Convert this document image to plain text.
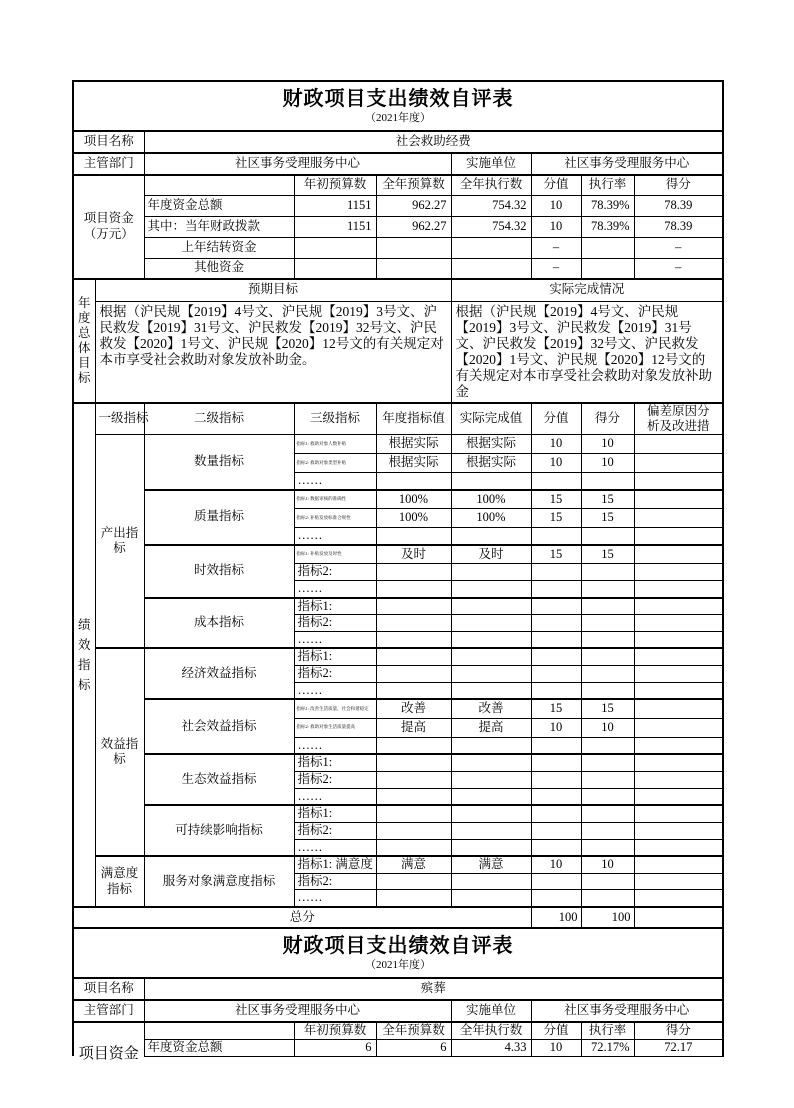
财政项目支出绩效自评表
（2021年度）								

项目名称		社会救助经费						
主管部门		社区事务受理服务中心			实施单位	社区事务受理服务中心		
项目资金（万元）			年初预算数	全年预算数	全年执行数	分值	执行率	得分
		年度资金总额	1151	962.27	754.32	10	78.39%	78.39
		其中：当年财政拨款	1151	962.27	754.32	10	78.39%	78.39
		上年结转资金				–		–
		其他资金				–		–
年度总体目标	预期目标				实际完成情况			
	根据（沪民规【2019】4号文、沪民规【2019】3号文、沪民救发【2019】31号文、沪民救发【2019】32号文、沪民救发【2020】1号文、沪民规【2020】12号文的有关规定对本市享受社会救助对象发放补助金。				根据（沪民规【2019】4号文、沪民规【2019】3号文、沪民救发【2019】31号文、沪民救发【2019】32号文、沪民救发【2020】1号文、沪民规【2020】12号文的有关规定对本市享受社会救助对象发放补助金			
绩效指标	一级指标	二级指标	三级指标	年度指标值	实际完成值	分值	得分	偏差原因分析及改进措
	产出指标	数量指标	指标1: 救助对象人数补贴	根据实际	根据实际	10	10	
			指标2: 救助对象类型补贴	根据实际	根据实际	10	10	
			……					
		质量指标	指标1: 数据审核的准确性	100%	100%	15	15	
			指标2: 补贴发放标准合规性	100%	100%	15	15	
			……					
		时效指标	指标1: 补贴发放及时性	及时	及时	15	15	
			指标2:					
			……					
		成本指标	指标1:					
			指标2:					
			……					
	效益指标	经济效益指标	指标1:					
			指标2:					
			……					
		社会效益指标	指标1: 改善生活质量，社会和谐稳定	改善	改善	15	15	
			指标2: 救助对象生活质量提高	提高	提高	10	10	
			……					
		生态效益指标	指标1:					
			指标2:					
			……					
		可持续影响指标	指标1:					
			指标2:					
			……					
	满意度指标	服务对象满意度指标	指标1: 满意度	满意	满意	10	10	
			指标2:					
			……					
总分						100	100	
财政项目支出绩效自评表
（2021年度）							

项目名称	殡葬						
主管部门	社区事务受理服务中心			实施单位	社区事务受理服务中心		

项目资金		年初预算数	全年预算数	全年执行数	分值	执行率	得分
	年度资金总额	6	6	4.33	10	72.17%	72.17
